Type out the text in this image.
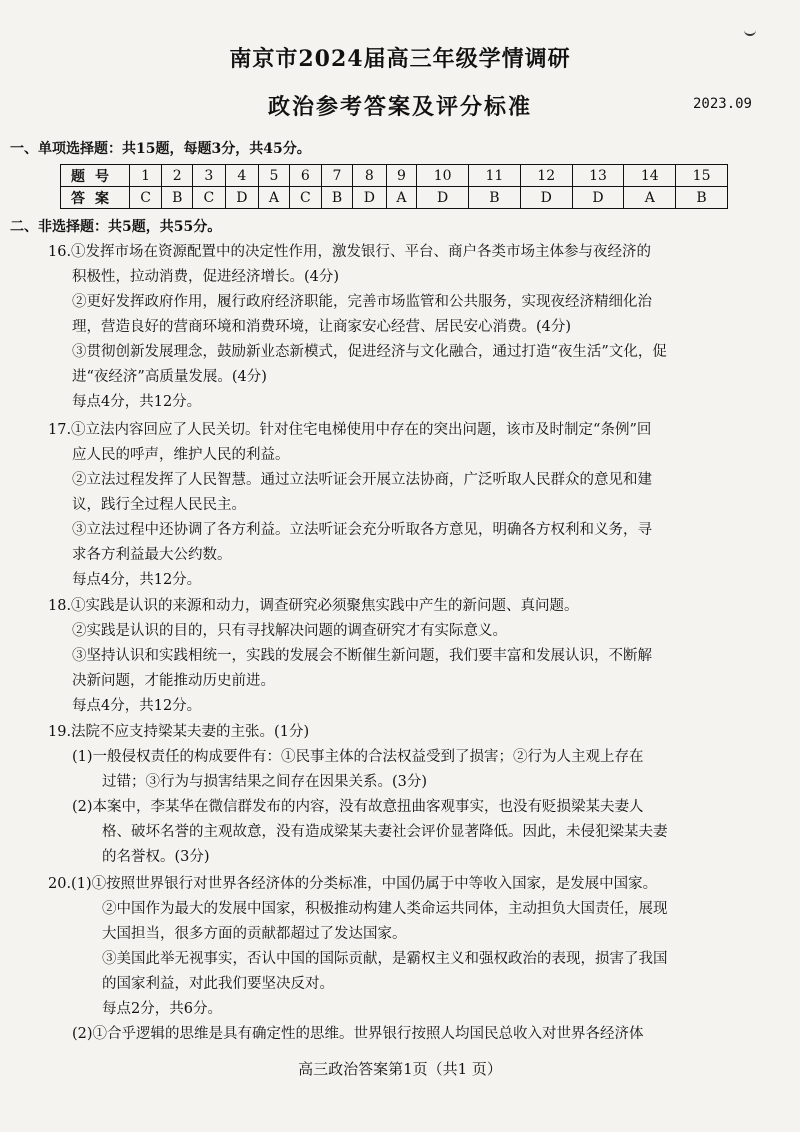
南京市2024届高三年级学情调研
政治参考答案及评分标准	2023.09
一、单项选择题：共15题，每题3分，共45分。
题号	1	2	3	4	5	6	7	8	9	10	11	12	13	14	15
答案	C	B	C	D	A	C	B	D	A	D	B	D	D	A	B
二、非选择题：共5题，共55分。

16.①发挥市场在资源配置中的决定性作用，激发银行、平台、商户各类市场主体参与夜经济的

积极性，拉动消费，促进经济增长。(4分)

②更好发挥政府作用，履行政府经济职能，完善市场监管和公共服务，实现夜经济精细化治

理，营造良好的营商环境和消费环境，让商家安心经营、居民安心消费。(4分)

③贯彻创新发展理念，鼓励新业态新模式，促进经济与文化融合，通过打造“夜生活”文化，促

进“夜经济”高质量发展。(4分)

每点4分，共12分。

17.①立法内容回应了人民关切。针对住宅电梯使用中存在的突出问题，该市及时制定“条例”回

应人民的呼声，维护人民的利益。

②立法过程发挥了人民智慧。通过立法听证会开展立法协商，广泛听取人民群众的意见和建

议，践行全过程人民民主。

③立法过程中还协调了各方利益。立法听证会充分听取各方意见，明确各方权利和义务，寻

求各方利益最大公约数。

每点4分，共12分。

18.①实践是认识的来源和动力，调查研究必须聚焦实践中产生的新问题、真问题。

②实践是认识的目的，只有寻找解决问题的调查研究才有实际意义。

③坚持认识和实践相统一，实践的发展会不断催生新问题，我们要丰富和发展认识，不断解

决新问题，才能推动历史前进。

每点4分，共12分。

19.法院不应支持梁某夫妻的主张。(1分)

(1)一般侵权责任的构成要件有：①民事主体的合法权益受到了损害；②行为人主观上存在

过错；③行为与损害结果之间存在因果关系。(3分)

(2)本案中，李某华在微信群发布的内容，没有故意扭曲客观事实，也没有贬损梁某夫妻人

格、破坏名誉的主观故意，没有造成梁某夫妻社会评价显著降低。因此，未侵犯梁某夫妻

的名誉权。(3分)

20.(1)①按照世界银行对世界各经济体的分类标准，中国仍属于中等收入国家，是发展中国家。

②中国作为最大的发展中国家，积极推动构建人类命运共同体，主动担负大国责任，展现

大国担当，很多方面的贡献都超过了发达国家。

③美国此举无视事实，否认中国的国际贡献，是霸权主义和强权政治的表现，损害了我国

的国家利益，对此我们要坚决反对。

每点2分，共6分。

(2)①合乎逻辑的思维是具有确定性的思维。世界银行按照人均国民总收入对世界各经济体

高三政治答案第1页（共1 页）
